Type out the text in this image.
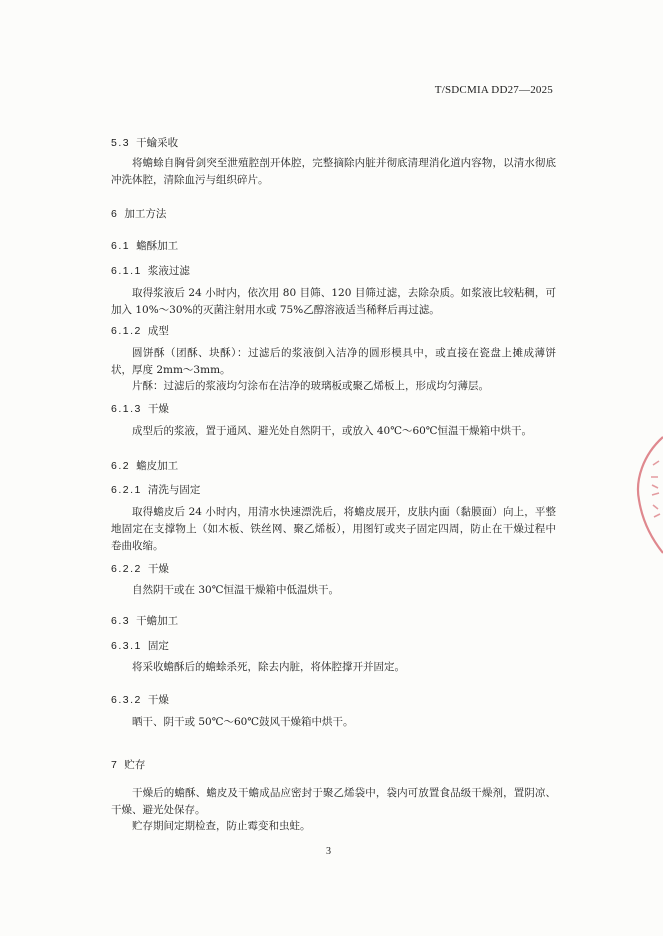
T/SDCMIA DD27—2025
5.3 干蝓采收

将蟾蜍自胸骨剑突至泄殖腔剖开体腔，完整摘除内脏并彻底清理消化道内容物，以清水彻底冲洗体腔，清除血污与组织碎片。

6 加工方法
6.1 蟾酥加工
6.1.1 浆液过滤

取得浆液后 24 小时内，依次用 80 目筛、120 目筛过滤，去除杂质。如浆液比较粘稠，可加入 10%～30%的灭菌注射用水或 75%乙醇溶液适当稀释后再过滤。

6.1.2 成型

圆饼酥（团酥、块酥）：过滤后的浆液倒入洁净的圆形模具中，或直接在瓷盘上摊成薄饼状，厚度 2mm～3mm。

片酥：过滤后的浆液均匀涂布在洁净的玻璃板或聚乙烯板上，形成均匀薄层。

6.1.3 干燥

成型后的浆液，置于通风、避光处自然阴干，或放入 40℃～60℃恒温干燥箱中烘干。

6.2 蟾皮加工
6.2.1 清洗与固定

取得蟾皮后 24 小时内，用清水快速漂洗后，将蟾皮展开，皮肤内面（黏膜面）向上，平整地固定在支撑物上（如木板、铁丝网、聚乙烯板），用图钉或夹子固定四周，防止在干燥过程中卷曲收缩。

6.2.2 干燥

自然阴干或在 30℃恒温干燥箱中低温烘干。

6.3 干蟾加工
6.3.1 固定

将采收蟾酥后的蟾蜍杀死，除去内脏，将体腔撑开并固定。

6.3.2 干燥

晒干、阴干或 50℃～60℃鼓风干燥箱中烘干。

7 贮存

干燥后的蟾酥、蟾皮及干蟾成品应密封于聚乙烯袋中，袋内可放置食品级干燥剂，置阴凉、干燥、避光处保存。

贮存期间定期检查，防止霉变和虫蛀。

3
